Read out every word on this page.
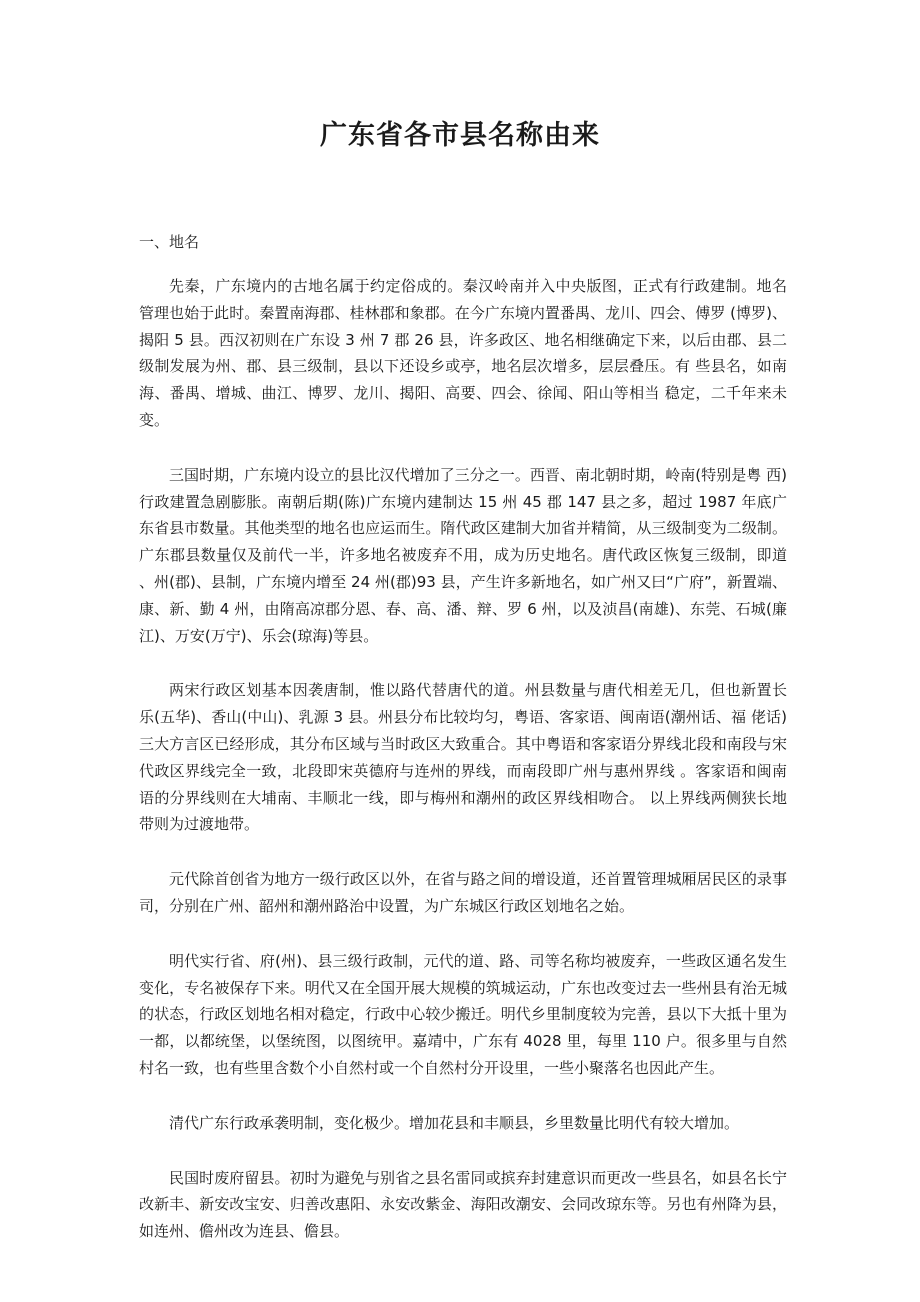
广东省各市县名称由来

一、地名

先秦，广东境内的古地名属于约定俗成的。秦汉岭南并入中央版图，正式有行政建制。地名 管理也始于此时。秦置南海郡、桂林郡和象郡。在今广东境内置番禺、龙川、四会、傅罗 (博罗)、揭阳 5 县。西汉初则在广东设 3 州 7 郡 26 县，许多政区、地名相继确定下来，以后由郡、县二级制发展为州、郡、县三级制，县以下还设乡或亭，地名层次增多，层层叠压。有 些县名，如南海、番禺、增城、曲江、博罗、龙川、揭阳、高要、四会、徐闻、阳山等相当 稳定，二千年来未变。

三国时期，广东境内设立的县比汉代增加了三分之一。西晋、南北朝时期，岭南(特别是粤 西)行政建置急剧膨胀。南朝后期(陈)广东境内建制达 15 州 45 郡 147 县之多，超过 1987 年底广东省县市数量。其他类型的地名也应运而生。隋代政区建制大加省并精简，从三级制变为二级制。广东郡县数量仅及前代一半，许多地名被废弃不用，成为历史地名。唐代政区恢复三级制，即道 、州(郡)、县制，广东境内增至 24 州(郡)93 县，产生许多新地名，如广州又曰“广府”，新置端、康、新、勤 4 州，由隋高凉郡分恩、春、高、潘、辩、罗 6 州，以及浈昌(南雄)、东莞、石城(廉江)、万安(万宁)、乐会(琼海)等县。

两宋行政区划基本因袭唐制，惟以路代替唐代的道。州县数量与唐代相差无几，但也新置长 乐(五华)、香山(中山)、乳源 3 县。州县分布比较均匀，粤语、客家语、闽南语(潮州话、福 佬话)三大方言区已经形成，其分布区域与当时政区大致重合。其中粤语和客家语分界线北段和南段与宋代政区界线完全一致，北段即宋英德府与连州的界线，而南段即广州与惠州界线 。客家语和闽南语的分界线则在大埔南、丰顺北一线，即与梅州和潮州的政区界线相吻合。 以上界线两侧狭长地带则为过渡地带。

元代除首创省为地方一级行政区以外，在省与路之间的增设道，还首置管理城厢居民区的录事司，分别在广州、韶州和潮州路治中设置，为广东城区行政区划地名之始。

明代实行省、府(州)、县三级行政制，元代的道、路、司等名称均被废弃，一些政区通名发生变化，专名被保存下来。明代又在全国开展大规模的筑城运动，广东也改变过去一些州县有治无城的状态，行政区划地名相对稳定，行政中心较少搬迁。明代乡里制度较为完善，县以下大抵十里为一都，以都统堡，以堡统图，以图统甲。嘉靖中，广东有 4028 里，每里 110 户。很多里与自然村名一致，也有些里含数个小自然村或一个自然村分开设里，一些小聚落名也因此产生。

清代广东行政承袭明制，变化极少。增加花县和丰顺县，乡里数量比明代有较大增加。

民国时废府留县。初时为避免与别省之县名雷同或摈弃封建意识而更改一些县名，如县名长宁改新丰、新安改宝安、归善改惠阳、永安改紫金、海阳改潮安、会同改琼东等。另也有州降为县，如连州、儋州改为连县、儋县。
